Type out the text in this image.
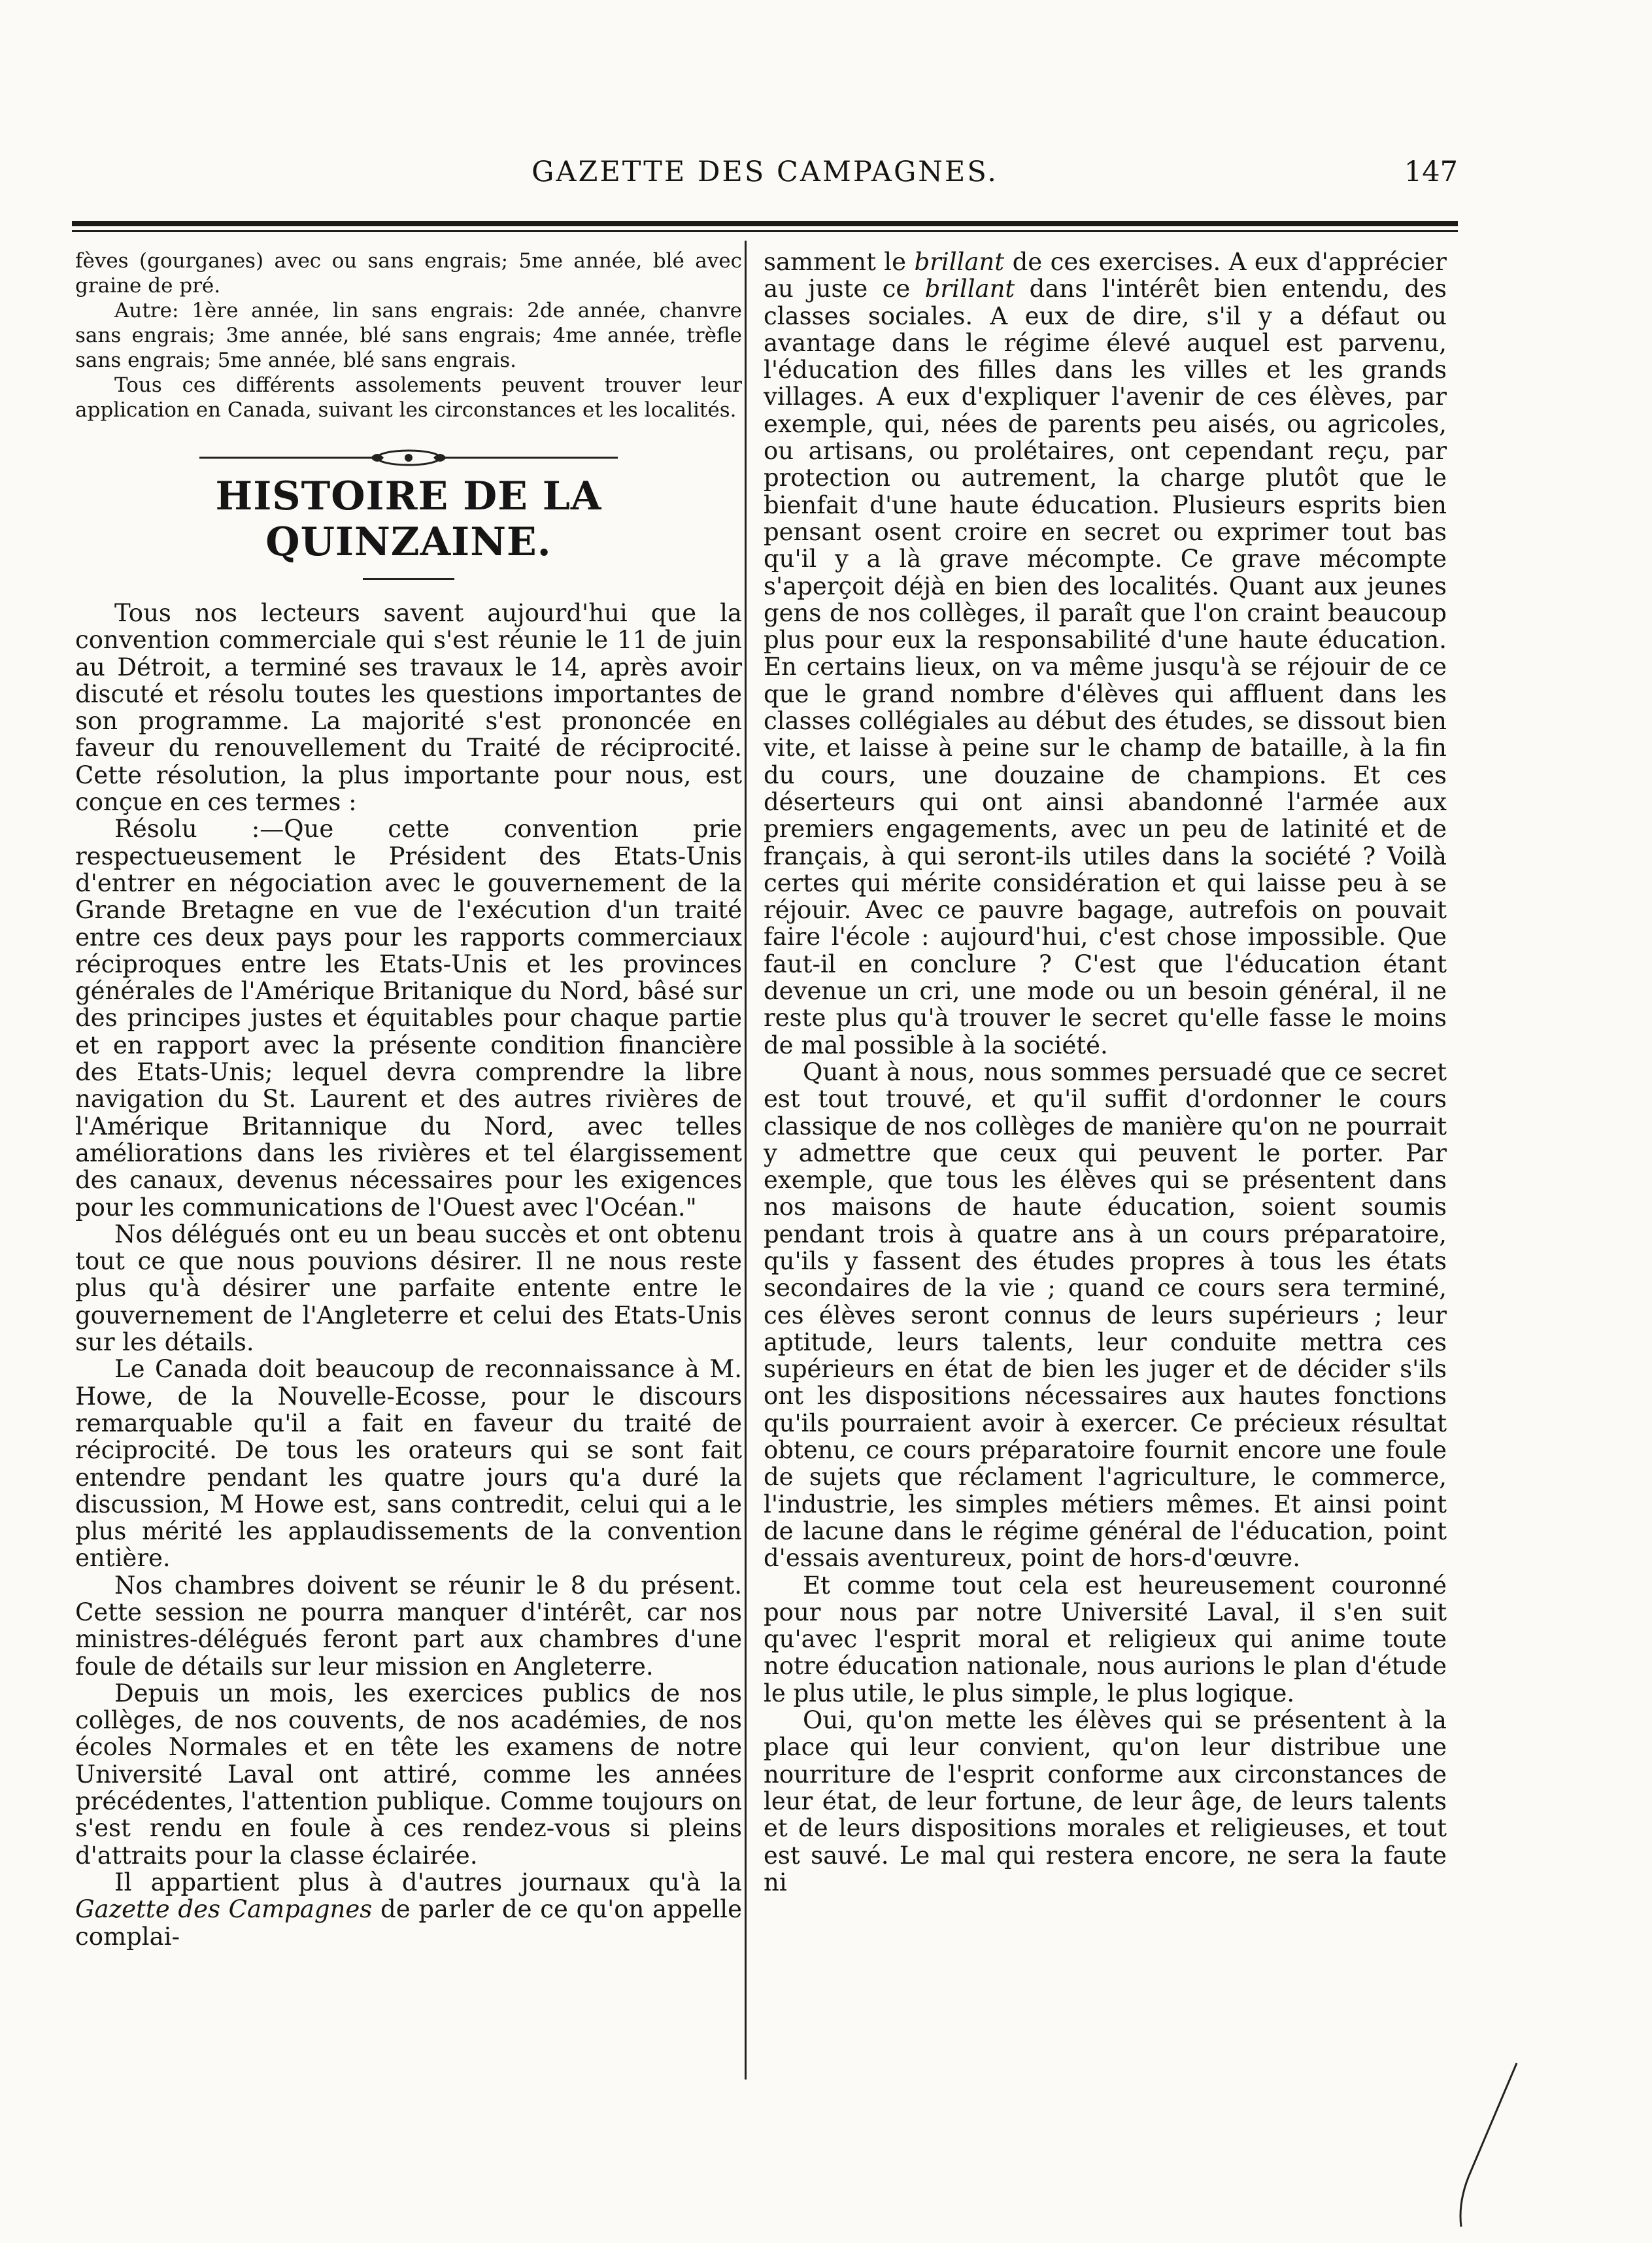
GAZETTE DES CAMPAGNES.	147

fèves (gourganes) avec ou sans engrais; 5me année, blé avec graine de pré.

Autre: 1ère année, lin sans engrais: 2de année, chanvre sans engrais; 3me année, blé sans engrais; 4me année, trèfle sans engrais; 5me année, blé sans engrais.

Tous ces différents assolements peuvent trouver leur application en Canada, suivant les circonstances et les localités.

HISTOIRE DE LA QUINZAINE.

Tous nos lecteurs savent aujourd'hui que la convention commerciale qui s'est réunie le 11 de juin au Détroit, a terminé ses travaux le 14, après avoir discuté et résolu toutes les questions importantes de son programme. La majorité s'est prononcée en faveur du renouvellement du Traité de réciprocité. Cette résolution, la plus importante pour nous, est conçue en ces termes :

Résolu :—Que cette convention prie respectueusement le Président des Etats-Unis d'entrer en négociation avec le gouvernement de la Grande Bretagne en vue de l'exécution d'un traité entre ces deux pays pour les rapports commerciaux réciproques entre les Etats-Unis et les provinces générales de l'Amérique Britanique du Nord, bâsé sur des principes justes et équitables pour chaque partie et en rapport avec la présente condition financière des Etats-Unis; lequel devra comprendre la libre navigation du St. Laurent et des autres rivières de l'Amérique Britannique du Nord, avec telles améliorations dans les rivières et tel élargissement des canaux, devenus nécessaires pour les exigences pour les communications de l'Ouest avec l'Océan."

Nos délégués ont eu un beau succès et ont obtenu tout ce que nous pouvions désirer. Il ne nous reste plus qu'à désirer une parfaite entente entre le gouvernement de l'Angleterre et celui des Etats-Unis sur les détails.

Le Canada doit beaucoup de reconnaissance à M. Howe, de la Nouvelle-Ecosse, pour le discours remarquable qu'il a fait en faveur du traité de réciprocité. De tous les orateurs qui se sont fait entendre pendant les quatre jours qu'a duré la discussion, M Howe est, sans contredit, celui qui a le plus mérité les applaudissements de la convention entière.

Nos chambres doivent se réunir le 8 du présent. Cette session ne pourra manquer d'intérêt, car nos ministres-délégués feront part aux chambres d'une foule de détails sur leur mission en Angleterre.

Depuis un mois, les exercices publics de nos collèges, de nos couvents, de nos académies, de nos écoles Normales et en tête les examens de notre Université Laval ont attiré, comme les années précédentes, l'attention publique. Comme toujours on s'est rendu en foule à ces rendez-vous si pleins d'attraits pour la classe éclairée.

Il appartient plus à d'autres journaux qu'à la Gazette des Campagnes de parler de ce qu'on appelle complai-

samment le brillant de ces exercises. A eux d'apprécier au juste ce brillant dans l'intérêt bien entendu, des classes sociales. A eux de dire, s'il y a défaut ou avantage dans le régime élevé auquel est parvenu, l'éducation des filles dans les villes et les grands villages. A eux d'expliquer l'avenir de ces élèves, par exemple, qui, nées de parents peu aisés, ou agricoles, ou artisans, ou prolétaires, ont cependant reçu, par protection ou autrement, la charge plutôt que le bienfait d'une haute éducation. Plusieurs esprits bien pensant osent croire en secret ou exprimer tout bas qu'il y a là grave mécompte. Ce grave mécompte s'aperçoit déjà en bien des localités. Quant aux jeunes gens de nos collèges, il paraît que l'on craint beaucoup plus pour eux la responsabilité d'une haute éducation. En certains lieux, on va même jusqu'à se réjouir de ce que le grand nombre d'élèves qui affluent dans les classes collégiales au début des études, se dissout bien vite, et laisse à peine sur le champ de bataille, à la fin du cours, une douzaine de champions. Et ces déserteurs qui ont ainsi abandonné l'armée aux premiers engagements, avec un peu de latinité et de français, à qui seront-ils utiles dans la société ? Voilà certes qui mérite considération et qui laisse peu à se réjouir. Avec ce pauvre bagage, autrefois on pouvait faire l'école : aujourd'hui, c'est chose impossible. Que faut-il en conclure ? C'est que l'éducation étant devenue un cri, une mode ou un besoin général, il ne reste plus qu'à trouver le secret qu'elle fasse le moins de mal possible à la société.

Quant à nous, nous sommes persuadé que ce secret est tout trouvé, et qu'il suffit d'ordonner le cours classique de nos collèges de manière qu'on ne pourrait y admettre que ceux qui peuvent le porter. Par exemple, que tous les élèves qui se présentent dans nos maisons de haute éducation, soient soumis pendant trois à quatre ans à un cours préparatoire, qu'ils y fassent des études propres à tous les états secondaires de la vie ; quand ce cours sera terminé, ces élèves seront connus de leurs supérieurs ; leur aptitude, leurs talents, leur conduite mettra ces supérieurs en état de bien les juger et de décider s'ils ont les dispositions nécessaires aux hautes fonctions qu'ils pourraient avoir à exercer. Ce précieux résultat obtenu, ce cours préparatoire fournit encore une foule de sujets que réclament l'agriculture, le commerce, l'industrie, les simples métiers mêmes. Et ainsi point de lacune dans le régime général de l'éducation, point d'essais aventureux, point de hors-d'œuvre.

Et comme tout cela est heureusement couronné pour nous par notre Université Laval, il s'en suit qu'avec l'esprit moral et religieux qui anime toute notre éducation nationale, nous aurions le plan d'étude le plus utile, le plus simple, le plus logique.

Oui, qu'on mette les élèves qui se présentent à la place qui leur convient, qu'on leur distribue une nourriture de l'esprit conforme aux circonstances de leur état, de leur fortune, de leur âge, de leurs talents et de leurs dispositions morales et religieuses, et tout est sauvé. Le mal qui restera encore, ne sera la faute ni
